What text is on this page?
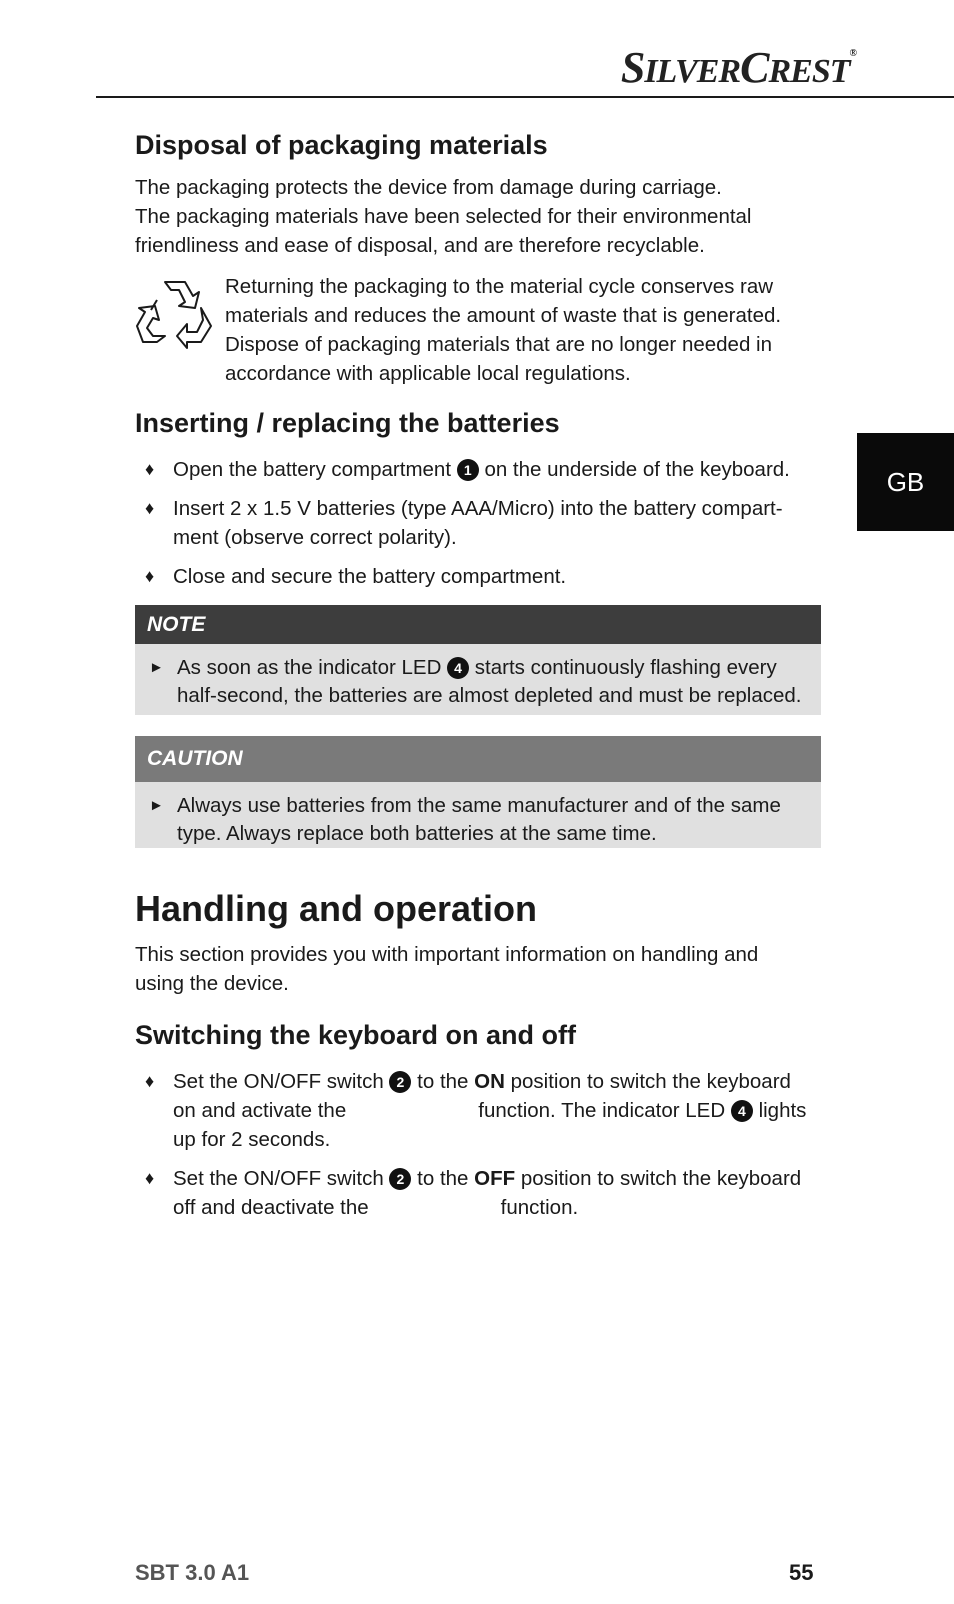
SILVERCREST®
GB
Disposal of packaging materials
The packaging protects the device from damage during carriage.
The packaging materials have been selected for their environmental
friendliness and ease of disposal, and are therefore recyclable.
Returning the packaging to the material cycle conserves raw
materials and reduces the amount of waste that is generated.
Dispose of packaging materials that are no longer needed in
accordance with applicable local regulations.
Inserting / replacing the batteries
♦ Open the battery compartment 1 on the underside of the keyboard.
♦ Insert 2 x 1.5 V batteries (type AAA/Micro) into the battery compart-
ment (observe correct polarity).
♦ Close and secure the battery compartment.
NOTE
► As soon as the indicator LED 4 starts continuously flashing every
half-second, the batteries are almost depleted and must be replaced.
CAUTION
► Always use batteries from the same manufacturer and of the same
type. Always replace both batteries at the same time.
Handling and operation
This section provides you with important information on handling and
using the device.
Switching the keyboard on and off
♦ Set the ON/OFF switch 2 to the ON position to switch the keyboard
on and activate the	function. The indicator LED 4 lights
up for 2 seconds.
♦ Set the ON/OFF switch 2 to the OFF position to switch the keyboard
off and deactivate the	function.
SBT 3.0 A1	55
